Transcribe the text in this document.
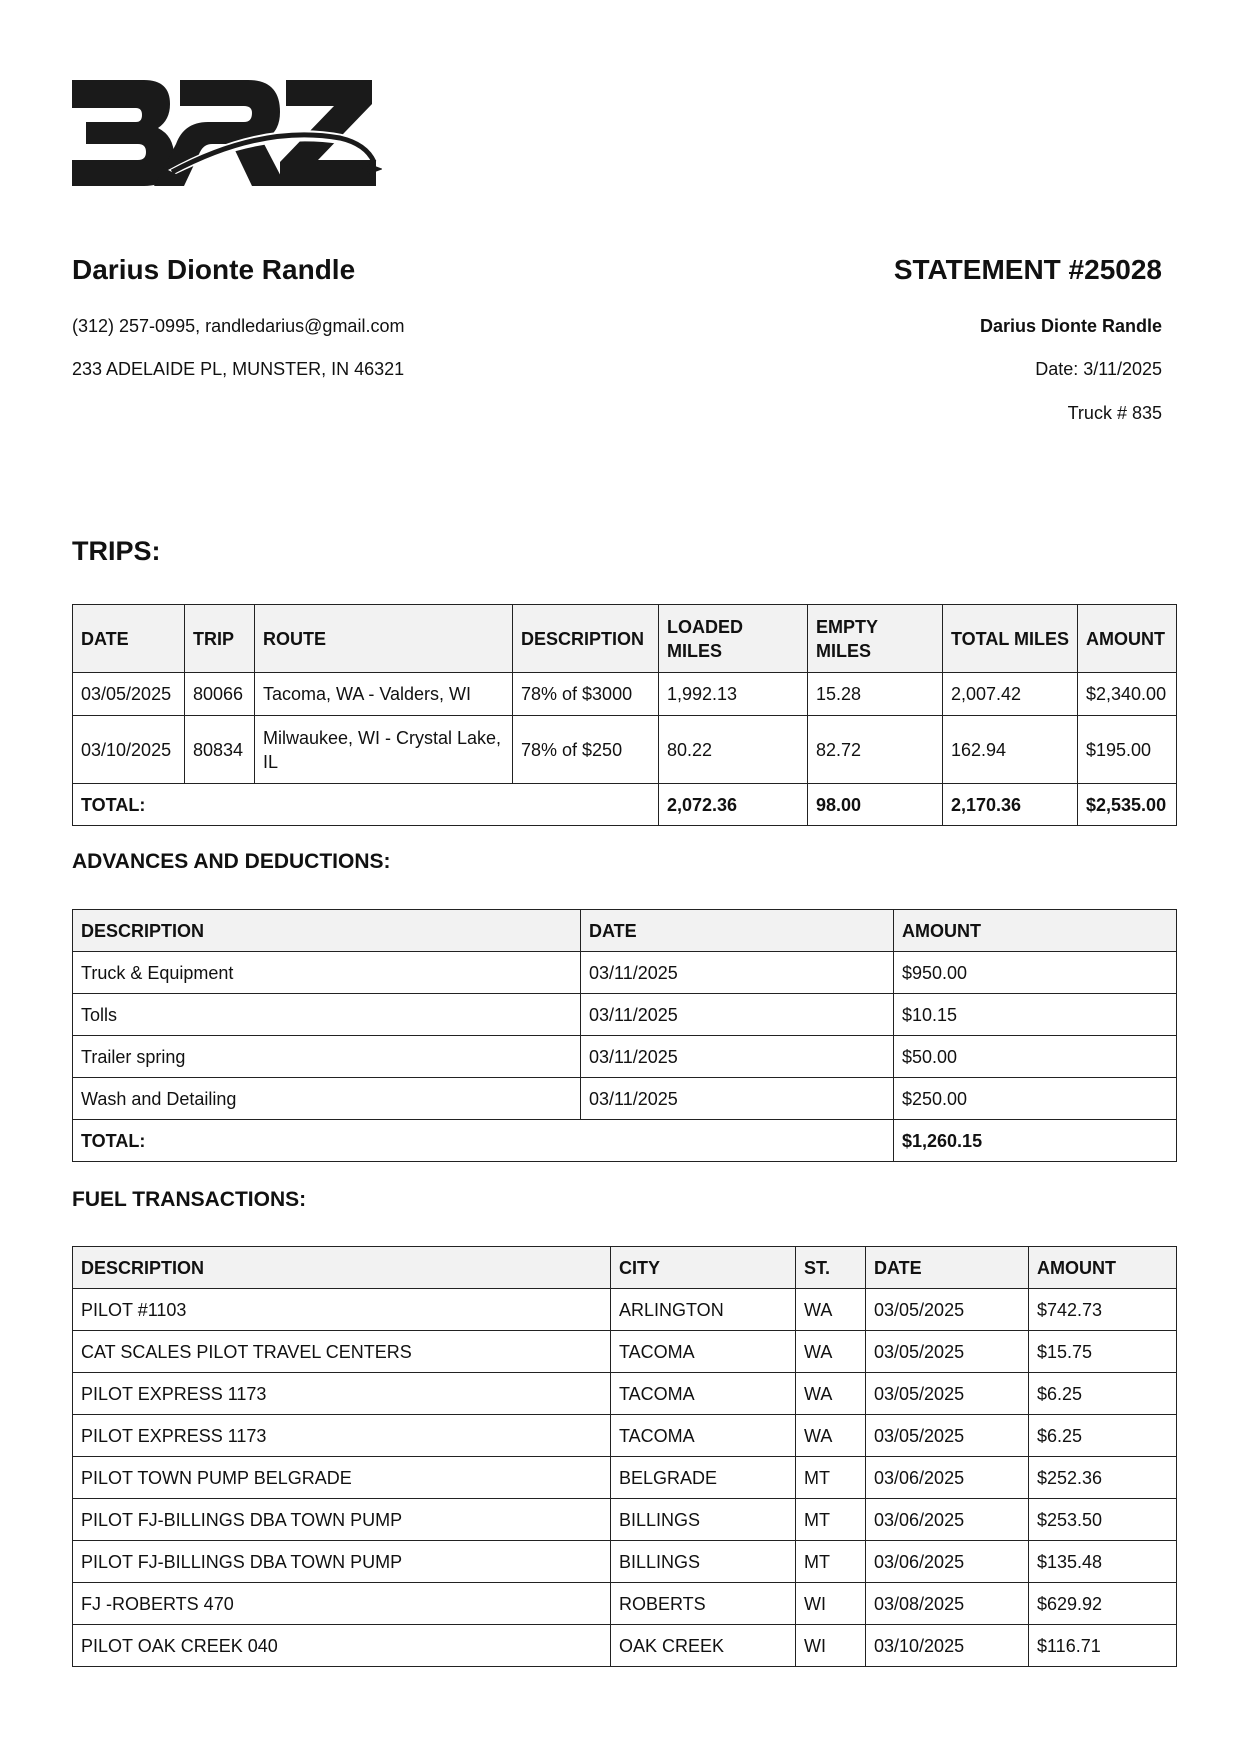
Darius Dionte Randle
(312) 257-0995, randledarius@gmail.com
233 ADELAIDE PL, MUNSTER, IN 46321
STATEMENT #25028
Darius Dionte Randle
Date: 3/11/2025
Truck # 835
TRIPS:
DATE	TRIP	ROUTE	DESCRIPTION	LOADED MILES	EMPTY MILES	TOTAL MILES	AMOUNT
03/05/2025	80066	Tacoma, WA - Valders, WI	78% of $3000	1,992.13	15.28	2,007.42	$2,340.00
03/10/2025	80834	Milwaukee, WI - Crystal Lake, IL	78% of $250	80.22	82.72	162.94	$195.00
TOTAL:				2,072.36	98.00	2,170.36	$2,535.00
ADVANCES AND DEDUCTIONS:
DESCRIPTION	DATE	AMOUNT
Truck & Equipment	03/11/2025	$950.00
Tolls	03/11/2025	$10.15
Trailer spring	03/11/2025	$50.00
Wash and Detailing	03/11/2025	$250.00
TOTAL:		$1,260.15
FUEL TRANSACTIONS:
DESCRIPTION	CITY	ST.	DATE	AMOUNT
PILOT #1103	ARLINGTON	WA	03/05/2025	$742.73
CAT SCALES PILOT TRAVEL CENTERS	TACOMA	WA	03/05/2025	$15.75
PILOT EXPRESS 1173	TACOMA	WA	03/05/2025	$6.25
PILOT EXPRESS 1173	TACOMA	WA	03/05/2025	$6.25
PILOT TOWN PUMP BELGRADE	BELGRADE	MT	03/06/2025	$252.36
PILOT FJ-BILLINGS DBA TOWN PUMP	BILLINGS	MT	03/06/2025	$253.50
PILOT FJ-BILLINGS DBA TOWN PUMP	BILLINGS	MT	03/06/2025	$135.48
FJ -ROBERTS 470	ROBERTS	WI	03/08/2025	$629.92
PILOT OAK CREEK 040	OAK CREEK	WI	03/10/2025	$116.71
